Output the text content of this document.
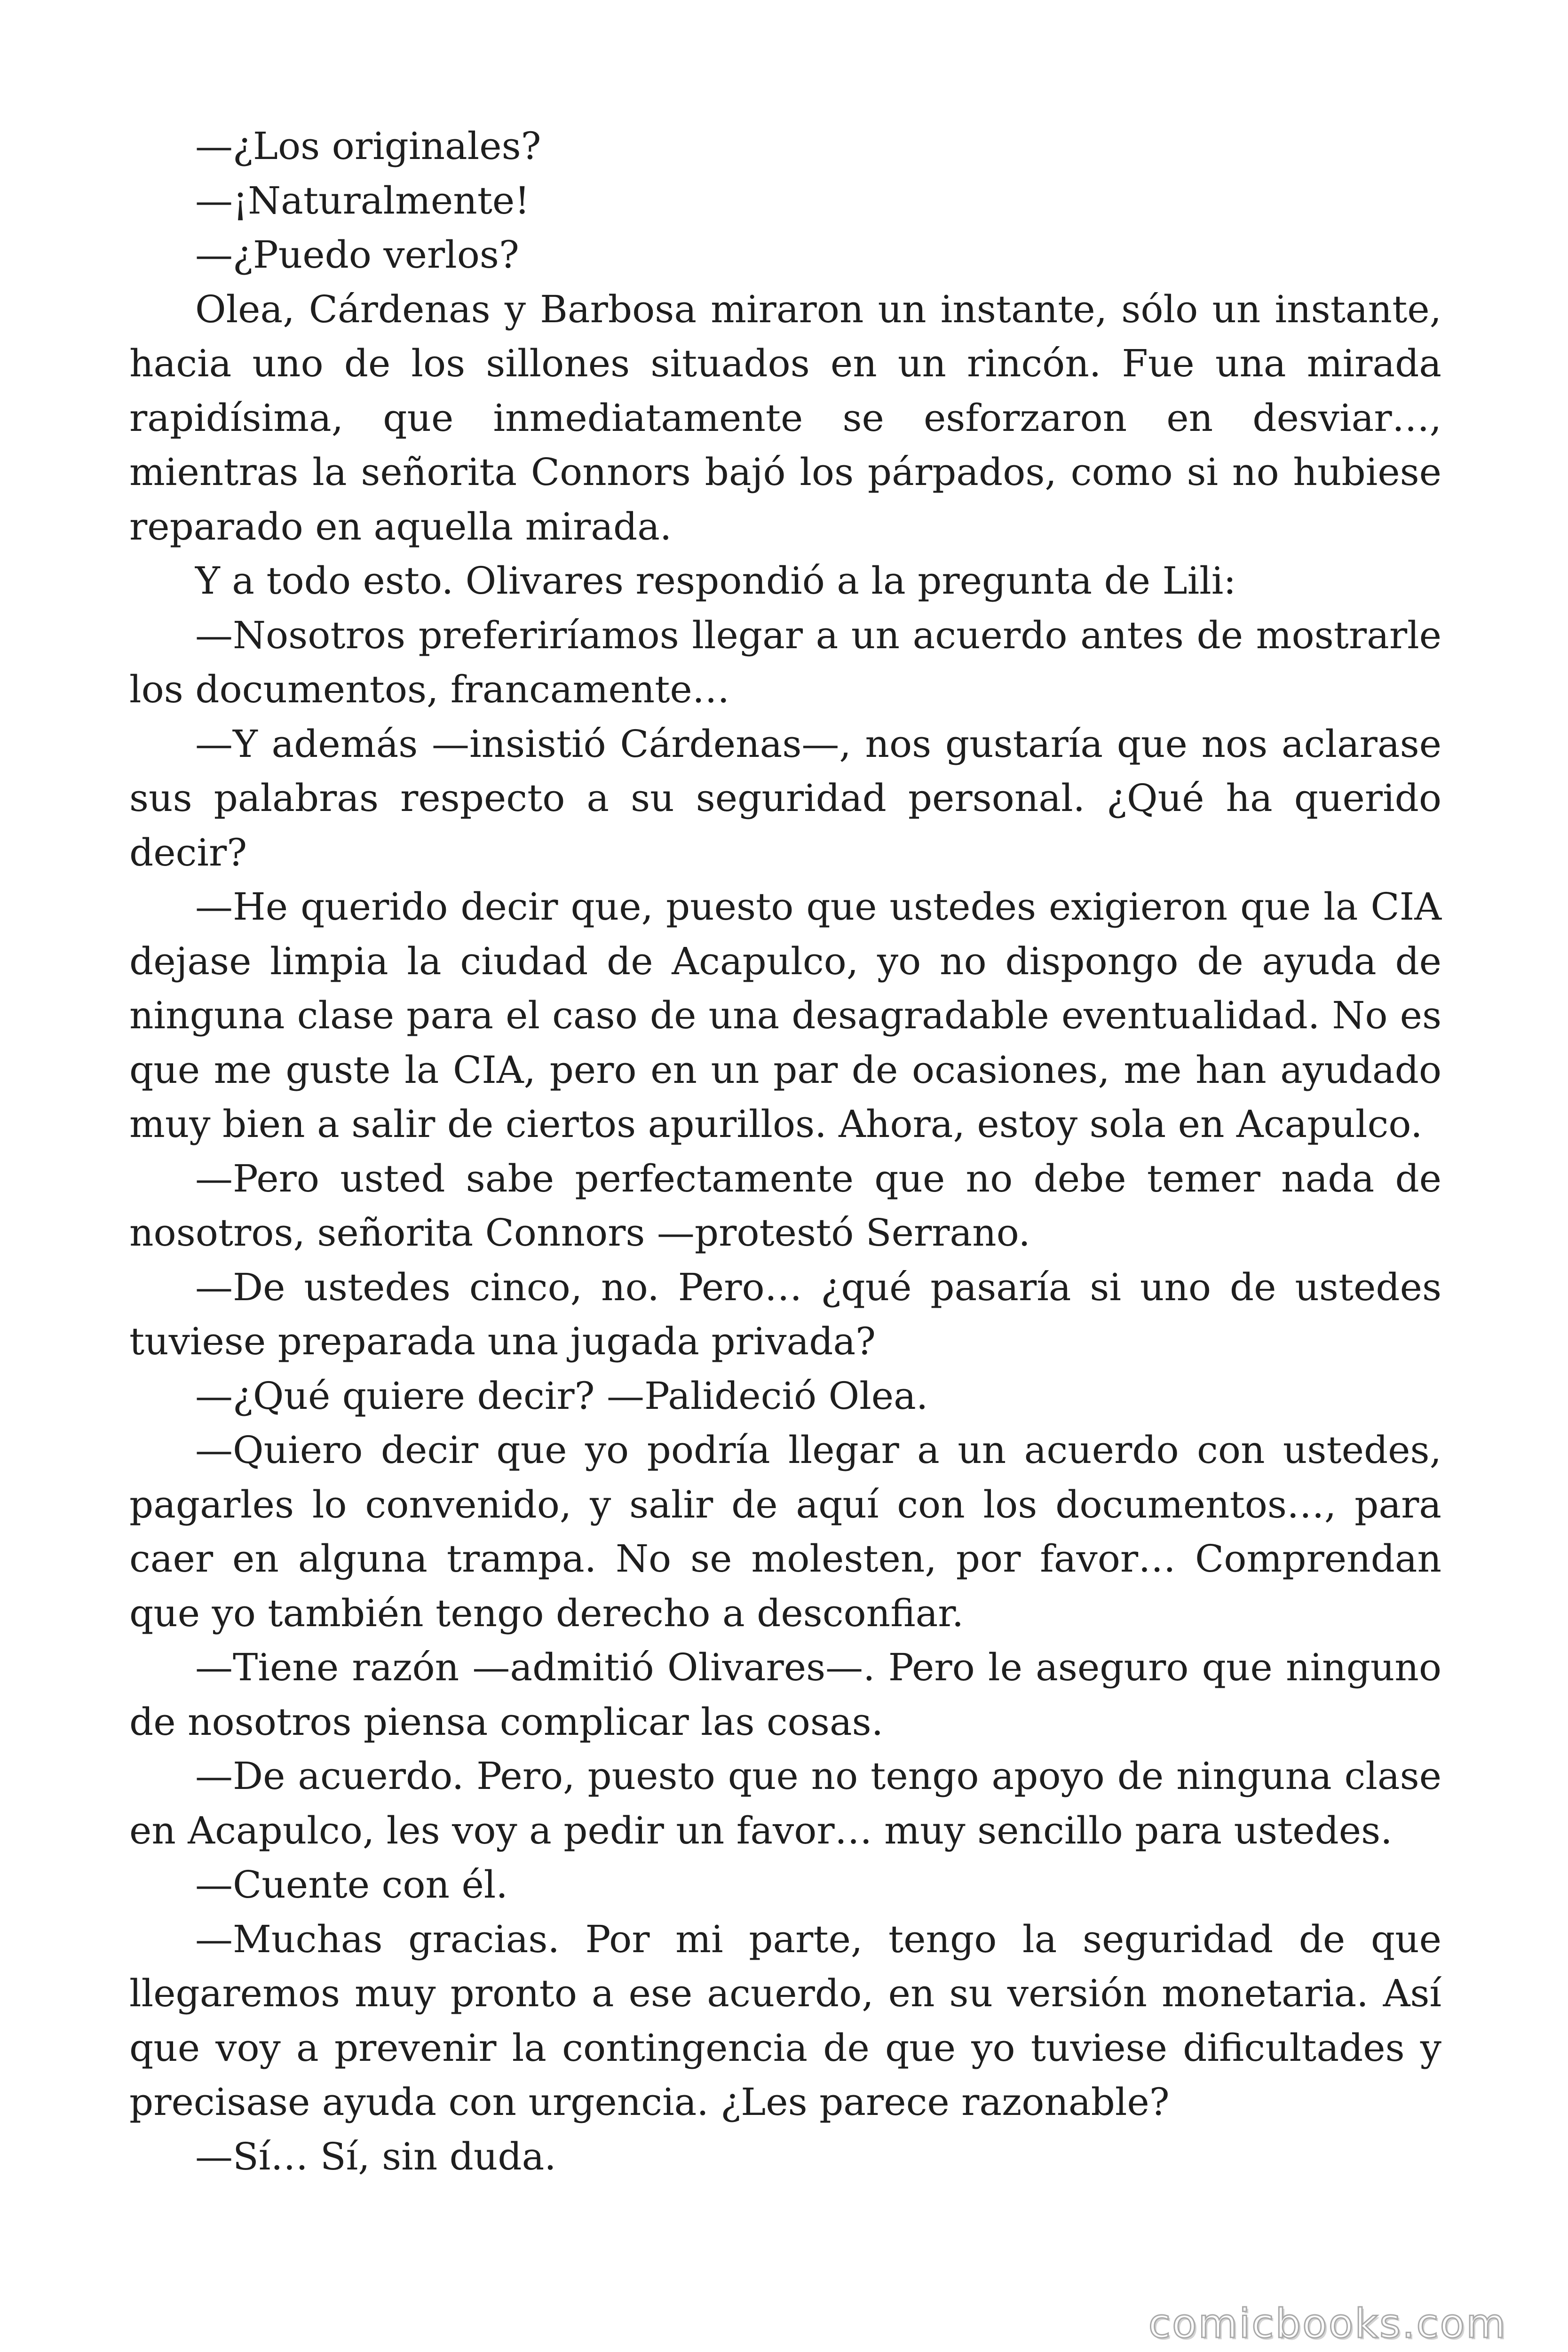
—¿Los originales?

—¡Naturalmente!

—¿Puedo verlos?

Olea, Cárdenas y Barbosa miraron un instante, sólo un instante, hacia uno de los sillones situados en un rincón. Fue una mirada rapidísima, que inmediatamente se esforzaron en desviar…, mientras la señorita Connors bajó los párpados, como si no hubiese reparado en aquella mirada.

Y a todo esto. Olivares respondió a la pregunta de Lili:

—Nosotros preferiríamos llegar a un acuerdo antes de mostrarle los documentos, francamente…

—Y además —insistió Cárdenas—, nos gustaría que nos aclarase sus palabras respecto a su seguridad personal. ¿Qué ha querido decir?

—He querido decir que, puesto que ustedes exigieron que la CIA dejase limpia la ciudad de Acapulco, yo no dispongo de ayuda de ninguna clase para el caso de una desagradable eventualidad. No es que me guste la CIA, pero en un par de ocasiones, me han ayudado muy bien a salir de ciertos apurillos. Ahora, estoy sola en Acapulco.

—Pero usted sabe perfectamente que no debe temer nada de nosotros, señorita Connors —protestó Serrano.

—De ustedes cinco, no. Pero… ¿qué pasaría si uno de ustedes tuviese preparada una jugada privada?

—¿Qué quiere decir? —Palideció Olea.

—Quiero decir que yo podría llegar a un acuerdo con ustedes, pagarles lo convenido, y salir de aquí con los documentos…, para caer en alguna trampa. No se molesten, por favor… Comprendan que yo también tengo derecho a desconfiar.

—Tiene razón —admitió Olivares—. Pero le aseguro que ninguno de nosotros piensa complicar las cosas.

—De acuerdo. Pero, puesto que no tengo apoyo de ninguna clase en Acapulco, les voy a pedir un favor… muy sencillo para ustedes.

—Cuente con él.

—Muchas gracias. Por mi parte, tengo la seguridad de que llegaremos muy pronto a ese acuerdo, en su versión monetaria. Así que voy a prevenir la contingencia de que yo tuviese dificultades y precisase ayuda con urgencia. ¿Les parece razonable?

—Sí… Sí, sin duda.

comicbooks.com
